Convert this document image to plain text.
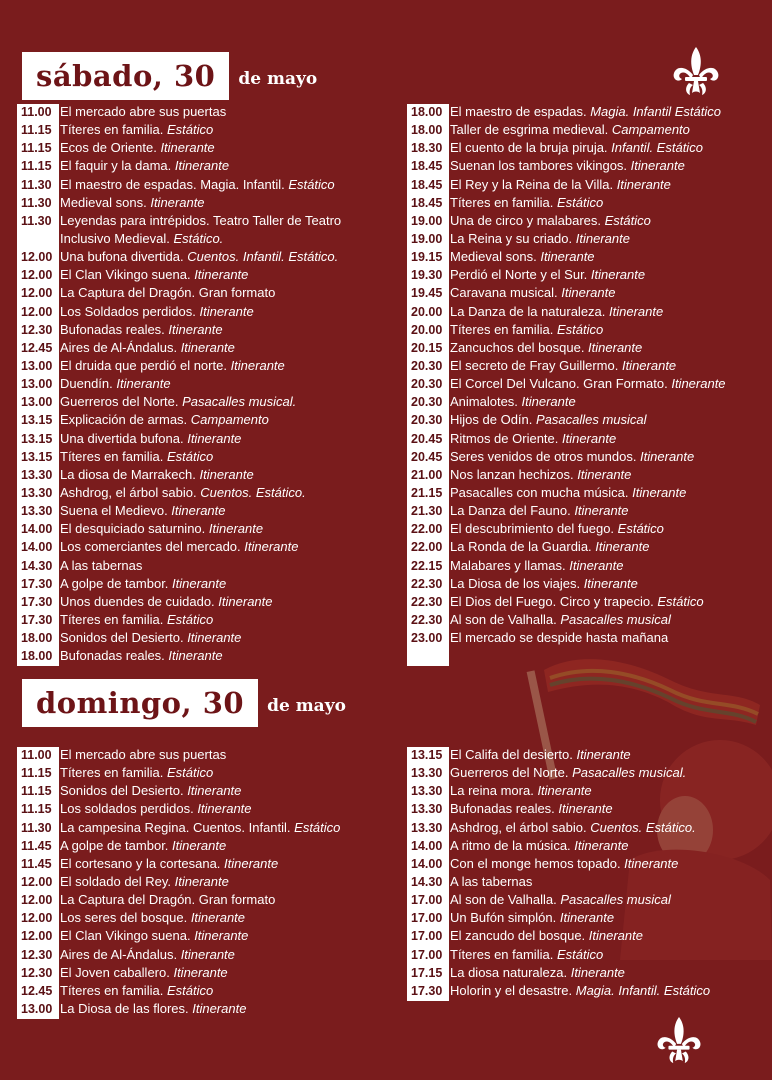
sábado, 30	de mayo
11.00 El mercado abre sus puertas
11.15 Títeres en familia. Estático
11.15 Ecos de Oriente. Itinerante
11.15 El faquir y la dama. Itinerante
11.30 El maestro de espadas. Magia. Infantil. Estático
11.30 Medieval sons. Itinerante
11.30 Leyendas para intrépidos. Teatro Taller de Teatro
Inclusivo Medieval. Estático.
12.00 Una bufona divertida. Cuentos. Infantil. Estático.
12.00 El Clan Vikingo suena. Itinerante
12.00 La Captura del Dragón. Gran formato
12.00 Los Soldados perdidos. Itinerante
12.30 Bufonadas reales. Itinerante
12.45 Aires de Al-Ándalus. Itinerante
13.00 El druida que perdió el norte. Itinerante
13.00 Duendín. Itinerante
13.00 Guerreros del Norte. Pasacalles musical.
13.15 Explicación de armas. Campamento
13.15 Una divertida bufona. Itinerante
13.15 Títeres en familia. Estático
13.30 La diosa de Marrakech. Itinerante
13.30 Ashdrog, el árbol sabio. Cuentos. Estático.
13.30 Suena el Medievo. Itinerante
14.00 El desquiciado saturnino. Itinerante
14.00 Los comerciantes del mercado. Itinerante
14.30 A las tabernas
17.30 A golpe de tambor. Itinerante
17.30 Unos duendes de cuidado. Itinerante
17.30 Títeres en familia. Estático
18.00 Sonidos del Desierto. Itinerante
18.00 Bufonadas reales. Itinerante
18.00 El maestro de espadas. Magia. Infantil Estático
18.00 Taller de esgrima medieval. Campamento
18.30 El cuento de la bruja piruja. Infantil. Estático
18.45 Suenan los tambores vikingos. Itinerante
18.45 El Rey y la Reina de la Villa. Itinerante
18.45 Títeres en familia. Estático
19.00 Una de circo y malabares. Estático
19.00 La Reina y su criado. Itinerante
19.15 Medieval sons. Itinerante
19.30 Perdió el Norte y el Sur. Itinerante
19.45 Caravana musical. Itinerante
20.00 La Danza de la naturaleza. Itinerante
20.00 Títeres en familia. Estático
20.15 Zancuchos del bosque. Itinerante
20.30 El secreto de Fray Guillermo. Itinerante
20.30 El Corcel Del Vulcano. Gran Formato. Itinerante
20.30 Animalotes. Itinerante
20.30 Hijos de Odín. Pasacalles musical
20.45 Ritmos de Oriente. Itinerante
20.45 Seres venidos de otros mundos. Itinerante
21.00 Nos lanzan hechizos. Itinerante
21.15 Pasacalles con mucha música. Itinerante
21.30 La Danza del Fauno. Itinerante
22.00 El descubrimiento del fuego. Estático
22.00 La Ronda de la Guardia. Itinerante
22.15 Malabares y llamas. Itinerante
22.30 La Diosa de los viajes. Itinerante
22.30 El Dios del Fuego. Circo y trapecio. Estático
22.30 Al son de Valhalla. Pasacalles musical
23.00 El mercado se despide hasta mañana
domingo, 30	de mayo
11.00 El mercado abre sus puertas
11.15 Títeres en familia. Estático
11.15 Sonidos del Desierto. Itinerante
11.15 Los soldados perdidos. Itinerante
11.30 La campesina Regina. Cuentos. Infantil. Estático
11.45 A golpe de tambor. Itinerante
11.45 El cortesano y la cortesana. Itinerante
12.00 El soldado del Rey. Itinerante
12.00 La Captura del Dragón. Gran formato
12.00 Los seres del bosque. Itinerante
12.00 El Clan Vikingo suena. Itinerante
12.30 Aires de Al-Ándalus. Itinerante
12.30 El Joven caballero. Itinerante
12.45 Títeres en familia. Estático
13.00 La Diosa de las flores. Itinerante
13.15 El Califa del desierto. Itinerante
13.30 Guerreros del Norte. Pasacalles musical.
13.30 La reina mora. Itinerante
13.30 Bufonadas reales. Itinerante
13.30 Ashdrog, el árbol sabio. Cuentos. Estático.
14.00 A ritmo de la música. Itinerante
14.00 Con el monge hemos topado. Itinerante
14.30 A las tabernas
17.00 Al son de Valhalla. Pasacalles musical
17.00 Un Bufón simplón. Itinerante
17.00 El zancudo del bosque. Itinerante
17.00 Títeres en familia. Estático
17.15 La diosa naturaleza. Itinerante
17.30 Holorin y el desastre. Magia. Infantil. Estático
